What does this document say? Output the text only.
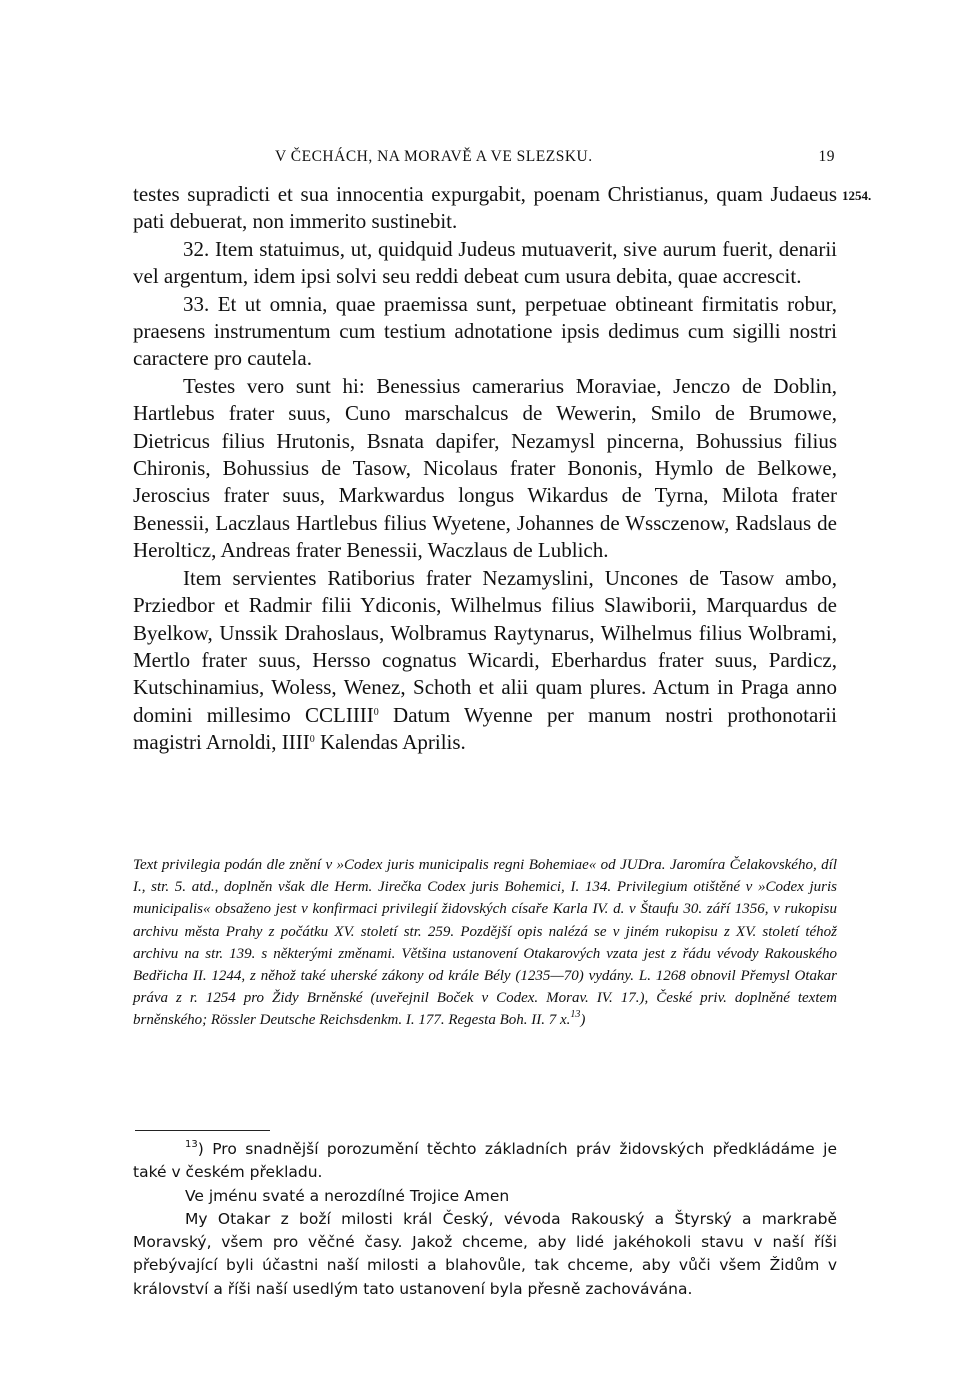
V ČECHÁCH, NA MORAVĚ A VE SLEZSKU.	19
1254.

testes supradicti et sua innocentia expurgabit, poenam Christianus, quam Judaeus pati debuerat, non immerito sustinebit.

32. Item statuimus, ut, quidquid Judeus mutuaverit, sive aurum fuerit, denarii vel argentum, idem ipsi solvi seu reddi debeat cum usura debita, quae accrescit.

33. Et ut omnia, quae praemissa sunt, perpetuae obtineant firmitatis robur, praesens instrumentum cum testium adnotatione ipsis dedimus cum sigilli nostri caractere pro cautela.

Testes vero sunt hi: Benessius camerarius Moraviae, Jenczo de Doblin, Hartlebus frater suus, Cuno marschalcus de Wewerin, Smilo de Brumowe, Dietricus filius Hrutonis, Bsnata dapifer, Nezamysl pincerna, Bohussius filius Chironis, Bohussius de Tasow, Nicolaus frater Bononis, Hymlo de Belkowe, Jeroscius frater suus, Markwardus longus Wikardus de Tyrna, Milota frater Benessii, Laczlaus Hartlebus filius Wyetene, Johannes de Wssczenow, Radslaus de Herolticz, Andreas frater Benessii, Waczlaus de Lublich.

Item servientes Ratiborius frater Nezamyslini, Uncones de Tasow ambo, Prziedbor et Radmir filii Ydiconis, Wilhelmus filius Slawiborii, Marquardus de Byelkow, Unssik Drahoslaus, Wolbramus Raytynarus, Wilhelmus filius Wolbrami, Mertlo frater suus, Hersso cognatus Wicardi, Eberhardus frater suus, Pardicz, Kutschinamius, Woless, Wenez, Schoth et alii quam plures. Actum in Praga anno domini millesimo CCLIIII$^0$ Datum Wyenne per manum nostri prothonotarii magistri Arnoldi, IIII$^0$ Kalendas Aprilis.

Text privilegia podán dle znění v »Codex juris municipalis regni Bohemiae« od JUDra. Jaromíra Čelakovského, díl I., str. 5. atd., doplněn však dle Herm. Jirečka Codex juris Bohemici, I. 134. Privilegium otištěné v »Codex juris municipalis« obsaženo jest v konfirmaci privilegií židovských císaře Karla IV. d. v Štaufu 30. září 1356, v rukopisu archivu města Prahy z počátku XV. století str. 259. Pozdější opis nalézá se v jiném rukopisu z XV. století téhož archivu na str. 139. s některými změnami. Většina ustanovení Otakarových vzata jest z řádu vévody Rakouského Bedřicha II. 1244, z něhož také uherské zákony od krále Bély (1235—70) vydány. L. 1268 obnovil Přemysl Otakar práva z r. 1254 pro Židy Brněnské (uveřejnil Boček v Codex. Morav. IV. 17.), České priv. doplněné textem brněnského; Rössler Deutsche Reichsdenkm. I. 177. Regesta Boh. II. 7 x.$^{13}$)

$^{13}$) Pro snadnější porozumění těchto základních práv židovských předkládáme je také v českém překladu.

Ve jménu svaté a nerozdílné Trojice Amen

My Otakar z boží milosti král Český, vévoda Rakouský a Štyrský a markrabě Moravský, všem pro věčné časy. Jakož chceme, aby lidé jakéhokoli stavu v naší říši přebývající byli účastni naší milosti a blahovůle, tak chceme, aby vůči všem Židům v království a říši naší usedlým tato ustanovení byla přesně zachovávána.
